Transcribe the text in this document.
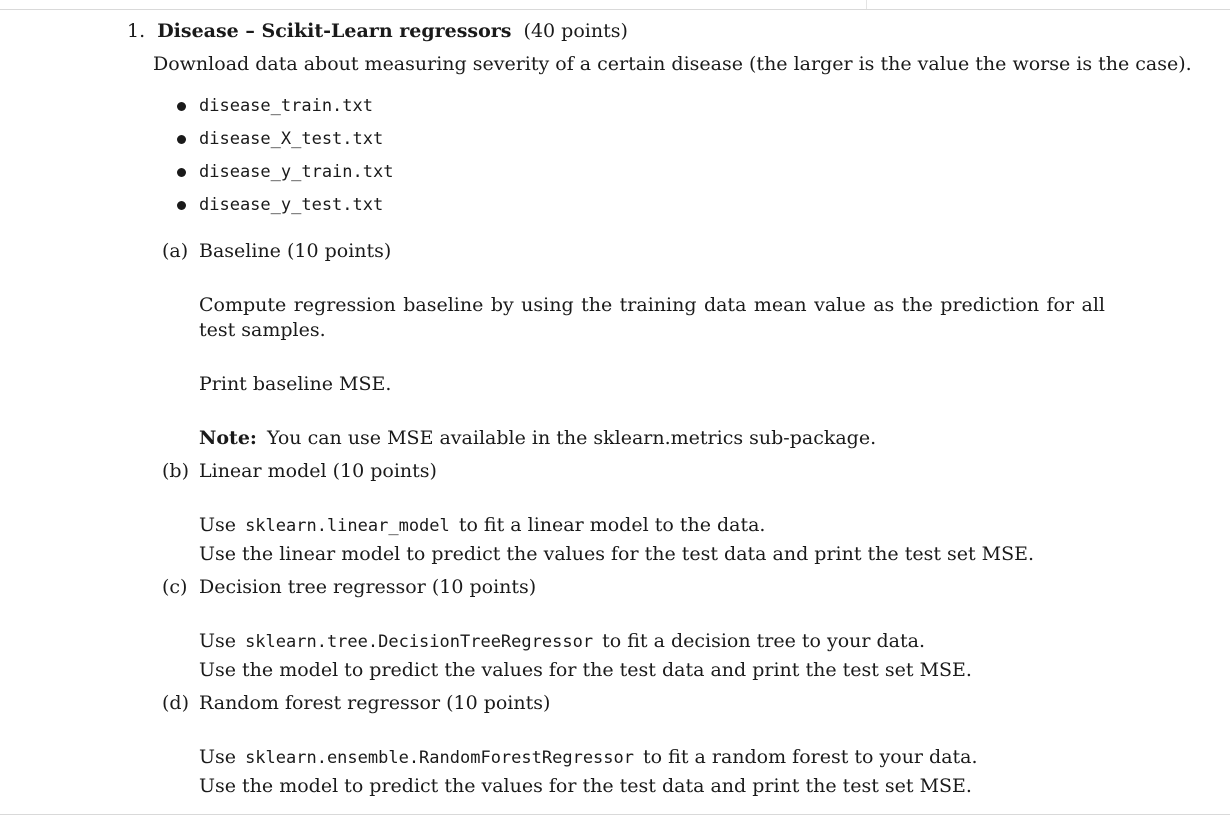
1. Disease – Scikit-Learn regressors (40 points)
Download data about measuring severity of a certain disease (the larger is the value the worse is the case).
disease_train.txt
disease_X_test.txt
disease_y_train.txt
disease_y_test.txt
(a) Baseline (10 points)
Compute regression baseline by using the training data mean value as the prediction for all test samples.
Print baseline MSE.
Note: You can use MSE available in the sklearn.metrics sub-package.
(b) Linear model (10 points)
Use sklearn.linear_model to fit a linear model to the data.
Use the linear model to predict the values for the test data and print the test set MSE.
(c) Decision tree regressor (10 points)
Use sklearn.tree.DecisionTreeRegressor to fit a decision tree to your data.
Use the model to predict the values for the test data and print the test set MSE.
(d) Random forest regressor (10 points)
Use sklearn.ensemble.RandomForestRegressor to fit a random forest to your data.
Use the model to predict the values for the test data and print the test set MSE.
